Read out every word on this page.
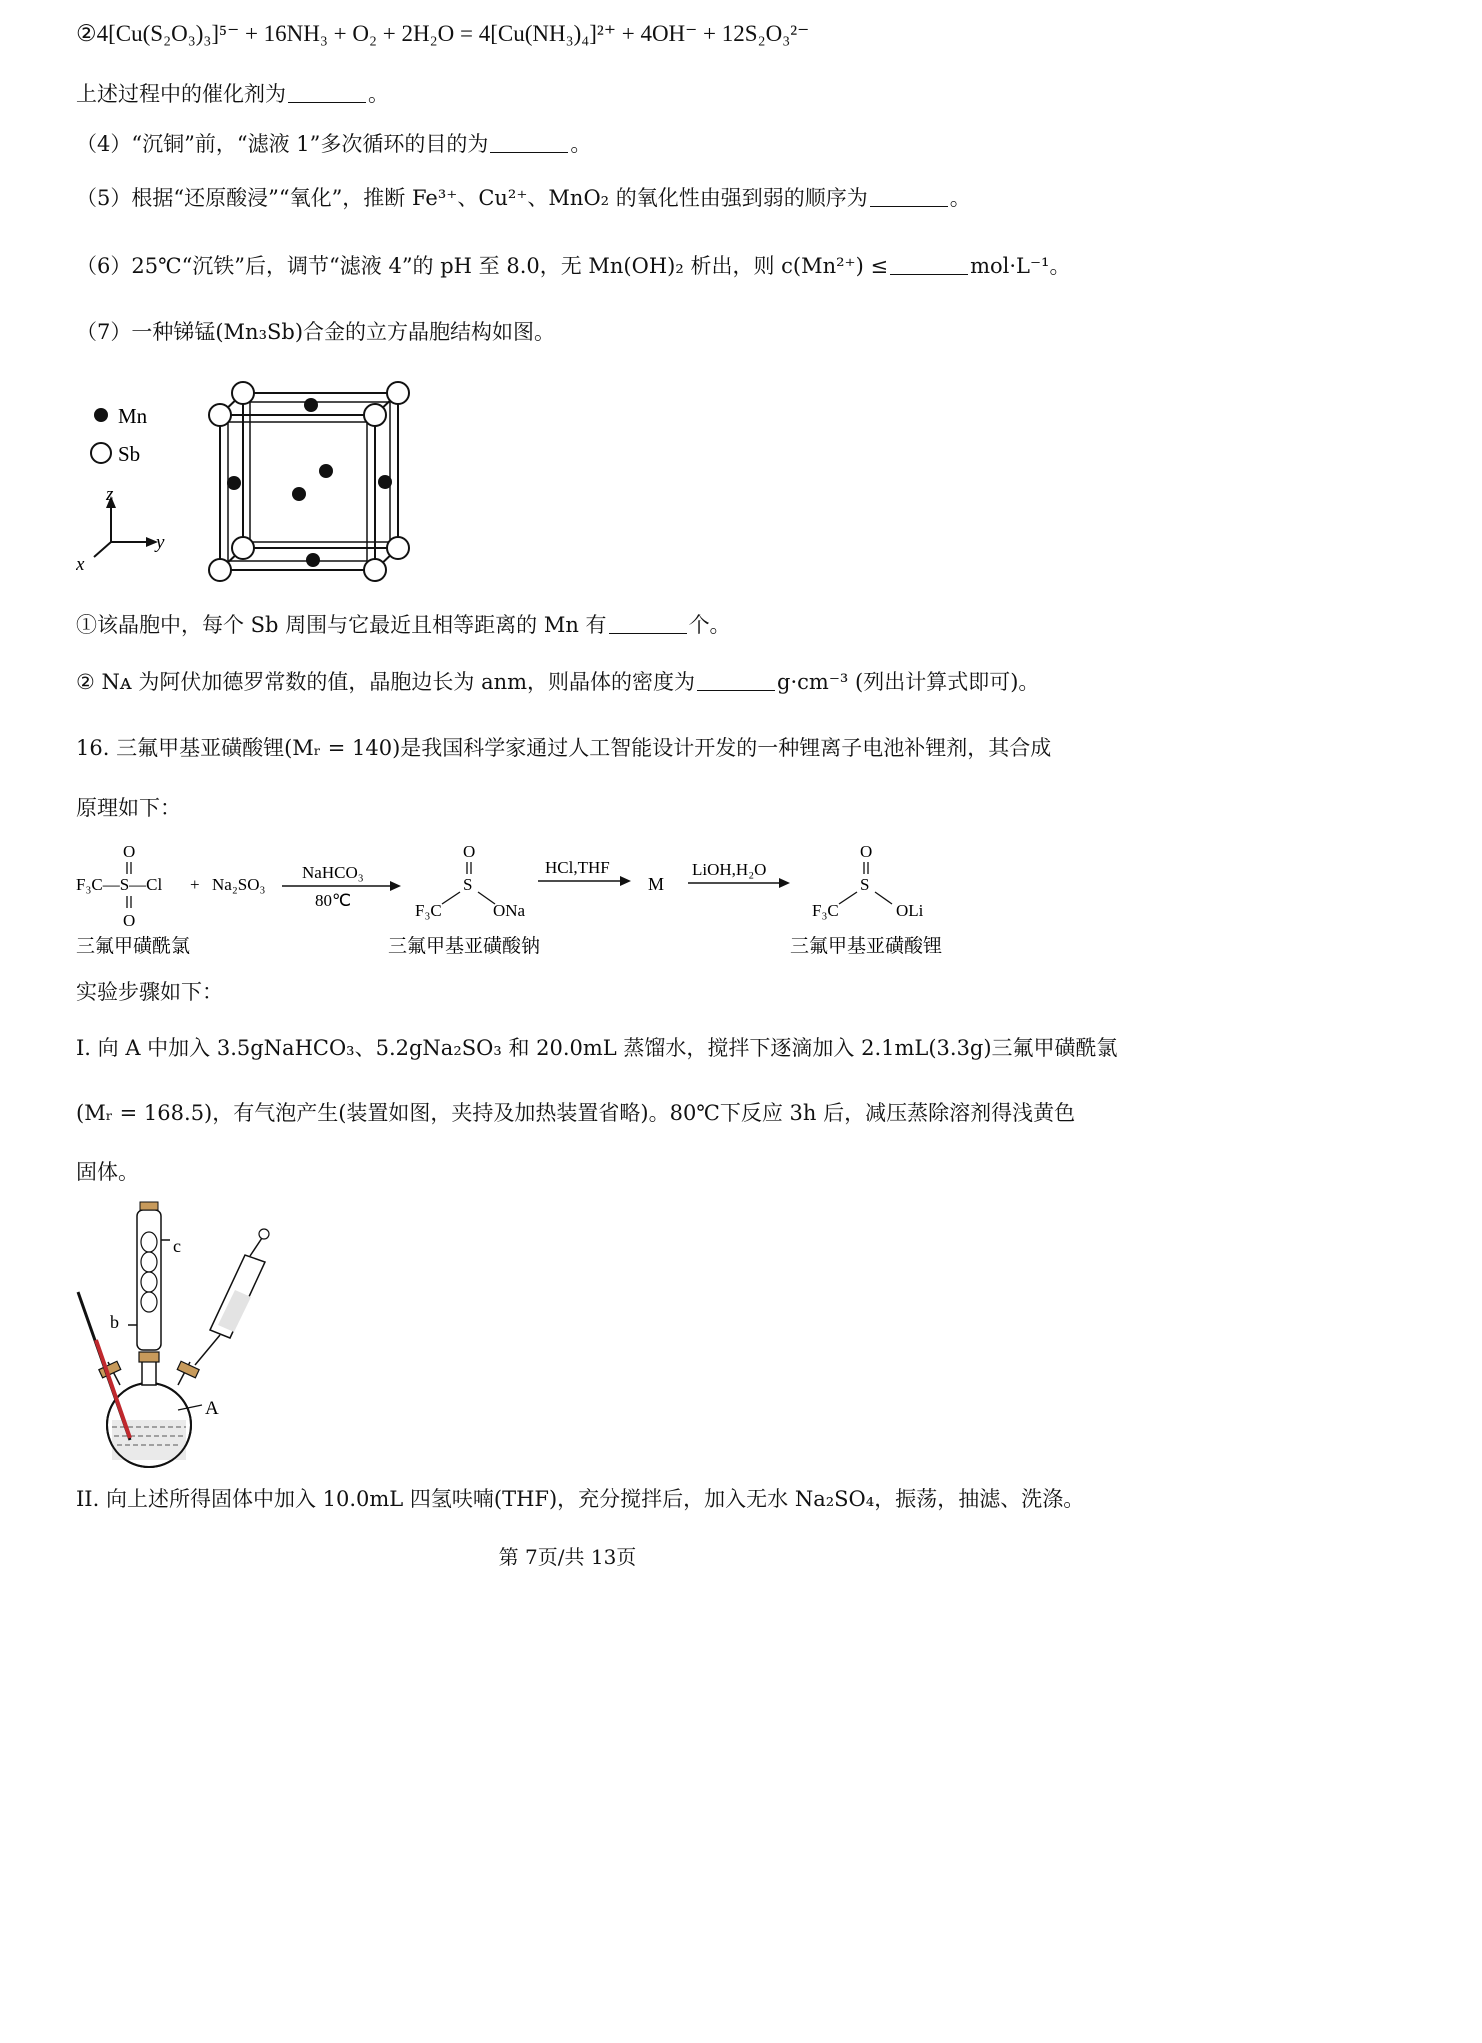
②4[Cu(S₂O₃)₃]⁵⁻ + 16NH₃ + O₂ + 2H₂O = 4[Cu(NH₃)₄]²⁺ + 4OH⁻ + 12S₂O₃²⁻
上述过程中的催化剂为	。
（4）“沉铜”前，“滤液 1”多次循环的目的为	。
（5）根据“还原酸浸”“氧化”，推断 Fe³⁺、Cu²⁺、MnO₂ 的氧化性由强到弱的顺序为	。
（6）25℃“沉铁”后，调节“滤液 4”的 pH 至 8.0，无 Mn(OH)₂ 析出，则 c(Mn²⁺) ≤	mol·L⁻¹。
（7）一种锑锰(Mn₃Sb)合金的立方晶胞结构如图。
Mn
Sb
z
y
x
①该晶胞中，每个 Sb 周围与它最近且相等距离的 Mn 有	个。
② Nᴀ 为阿伏加德罗常数的值，晶胞边长为 anm，则晶体的密度为	g·cm⁻³ (列出计算式即可)。
16. 三氟甲基亚磺酸锂(Mᵣ = 140)是我国科学家通过人工智能设计开发的一种锂离子电池补锂剂，其合成
原理如下：
O
F₃C—S—Cl
O
+ Na₂SO₃
NaHCO₃
80℃
O
S
F₃C	ONa
HCl,THF
M
LiOH,H₂O
O
S
F₃C	OLi
三氟甲磺酰氯	三氟甲基亚磺酸钠	三氟甲基亚磺酸锂
实验步骤如下：
I. 向 A 中加入 3.5gNaHCO₃、5.2gNa₂SO₃ 和 20.0mL 蒸馏水，搅拌下逐滴加入 2.1mL(3.3g)三氟甲磺酰氯
(Mᵣ = 168.5)，有气泡产生(装置如图，夹持及加热装置省略)。80℃下反应 3h 后，减压蒸除溶剂得浅黄色
固体。
c
b
A
II. 向上述所得固体中加入 10.0mL 四氢呋喃(THF)，充分搅拌后，加入无水 Na₂SO₄，振荡，抽滤、洗涤。
第 7页/共 13页
